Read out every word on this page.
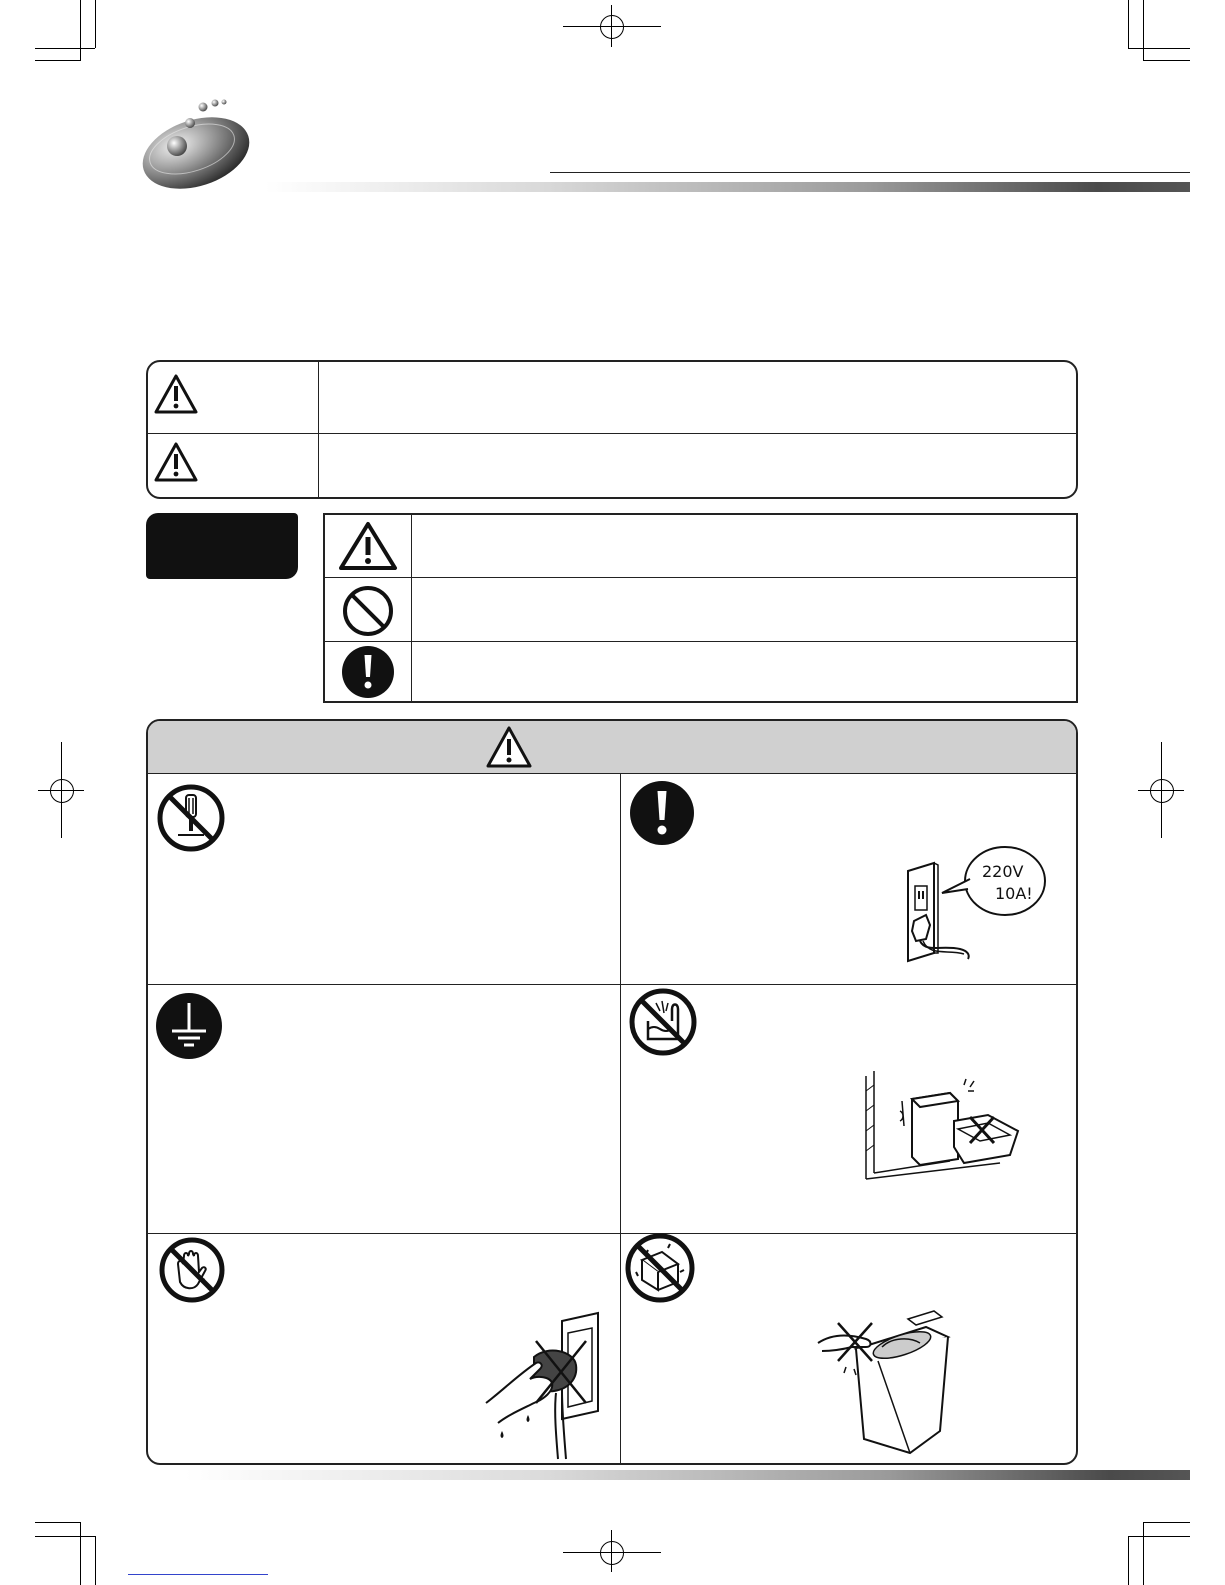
220V
10A!
